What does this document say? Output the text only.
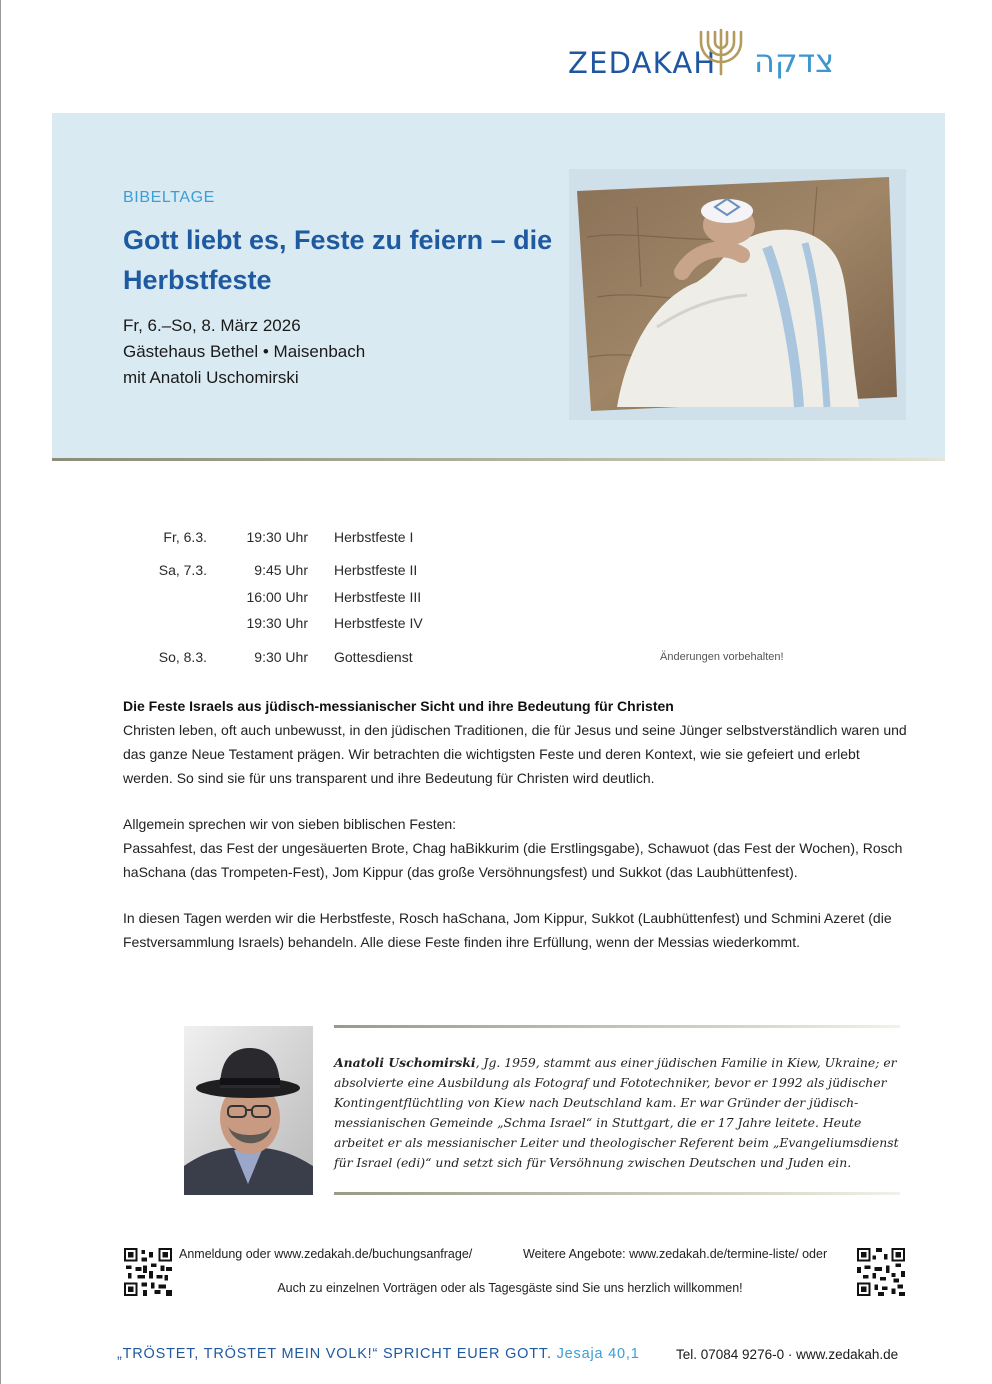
ZEDAKAH צדקה
BIBELTAGE
Gott liebt es, Feste zu feiern – die Herbstfeste
Fr, 6.–So, 8. März 2026
Gästehaus Bethel • Maisenbach
mit Anatoli Uschomirski
Fr, 6.3.	19:30 Uhr Herbstfeste I
Sa, 7.3.	9:45 Uhr Herbstfeste II
16:00 Uhr Herbstfeste III
19:30 Uhr Herbstfeste IV
So, 8.3.	9:30 Uhr Gottesdienst	Änderungen vorbehalten!
Die Feste Israels aus jüdisch-messianischer Sicht und ihre Bedeutung für Christen
Christen leben, oft auch unbewusst, in den jüdischen Traditionen, die für Jesus und seine Jünger selbstverständlich waren und das ganze Neue Testament prägen. Wir betrachten die wichtigsten Feste und deren Kontext, wie sie gefeiert und erlebt werden. So sind sie für uns transparent und ihre Bedeutung für Christen wird deutlich.
Allgemein sprechen wir von sieben biblischen Festen:
Passahfest, das Fest der ungesäuerten Brote, Chag haBikkurim (die Erstlingsgabe), Schawuot (das Fest der Wochen), Rosch haSchana (das Trompeten-Fest), Jom Kippur (das große Versöhnungsfest) und Sukkot (das Laubhüttenfest).
In diesen Tagen werden wir die Herbstfeste, Rosch haSchana, Jom Kippur, Sukkot (Laubhüttenfest) und Schmini Azeret (die Festversammlung Israels) behandeln. Alle diese Feste finden ihre Erfüllung, wenn der Messias wiederkommt.
Anatoli Uschomirski, Jg. 1959, stammt aus einer jüdischen Familie in Kiew, Ukraine; er absolvierte eine Ausbildung als Fotograf und Fototechniker, bevor er 1992 als jüdischer Kontingentflüchtling von Kiew nach Deutschland kam. Er war Gründer der jüdisch-messianischen Gemeinde „Schma Israel“ in Stuttgart, die er 17 Jahre leitete. Heute arbeitet er als messianischer Leiter und theologischer Referent beim „Evangeliumsdienst für Israel (edi)“ und setzt sich für Versöhnung zwischen Deutschen und Juden ein.
Anmeldung oder www.zedakah.de/buchungsanfrage/	Weitere Angebote: www.zedakah.de/termine-liste/ oder
Auch zu einzelnen Vorträgen oder als Tagesgäste sind Sie uns herzlich willkommen!
„TRÖSTET, TRÖSTET MEIN VOLK!“ SPRICHT EUER GOTT. Jesaja 40,1	Tel. 07084 9276-0 · www.zedakah.de
